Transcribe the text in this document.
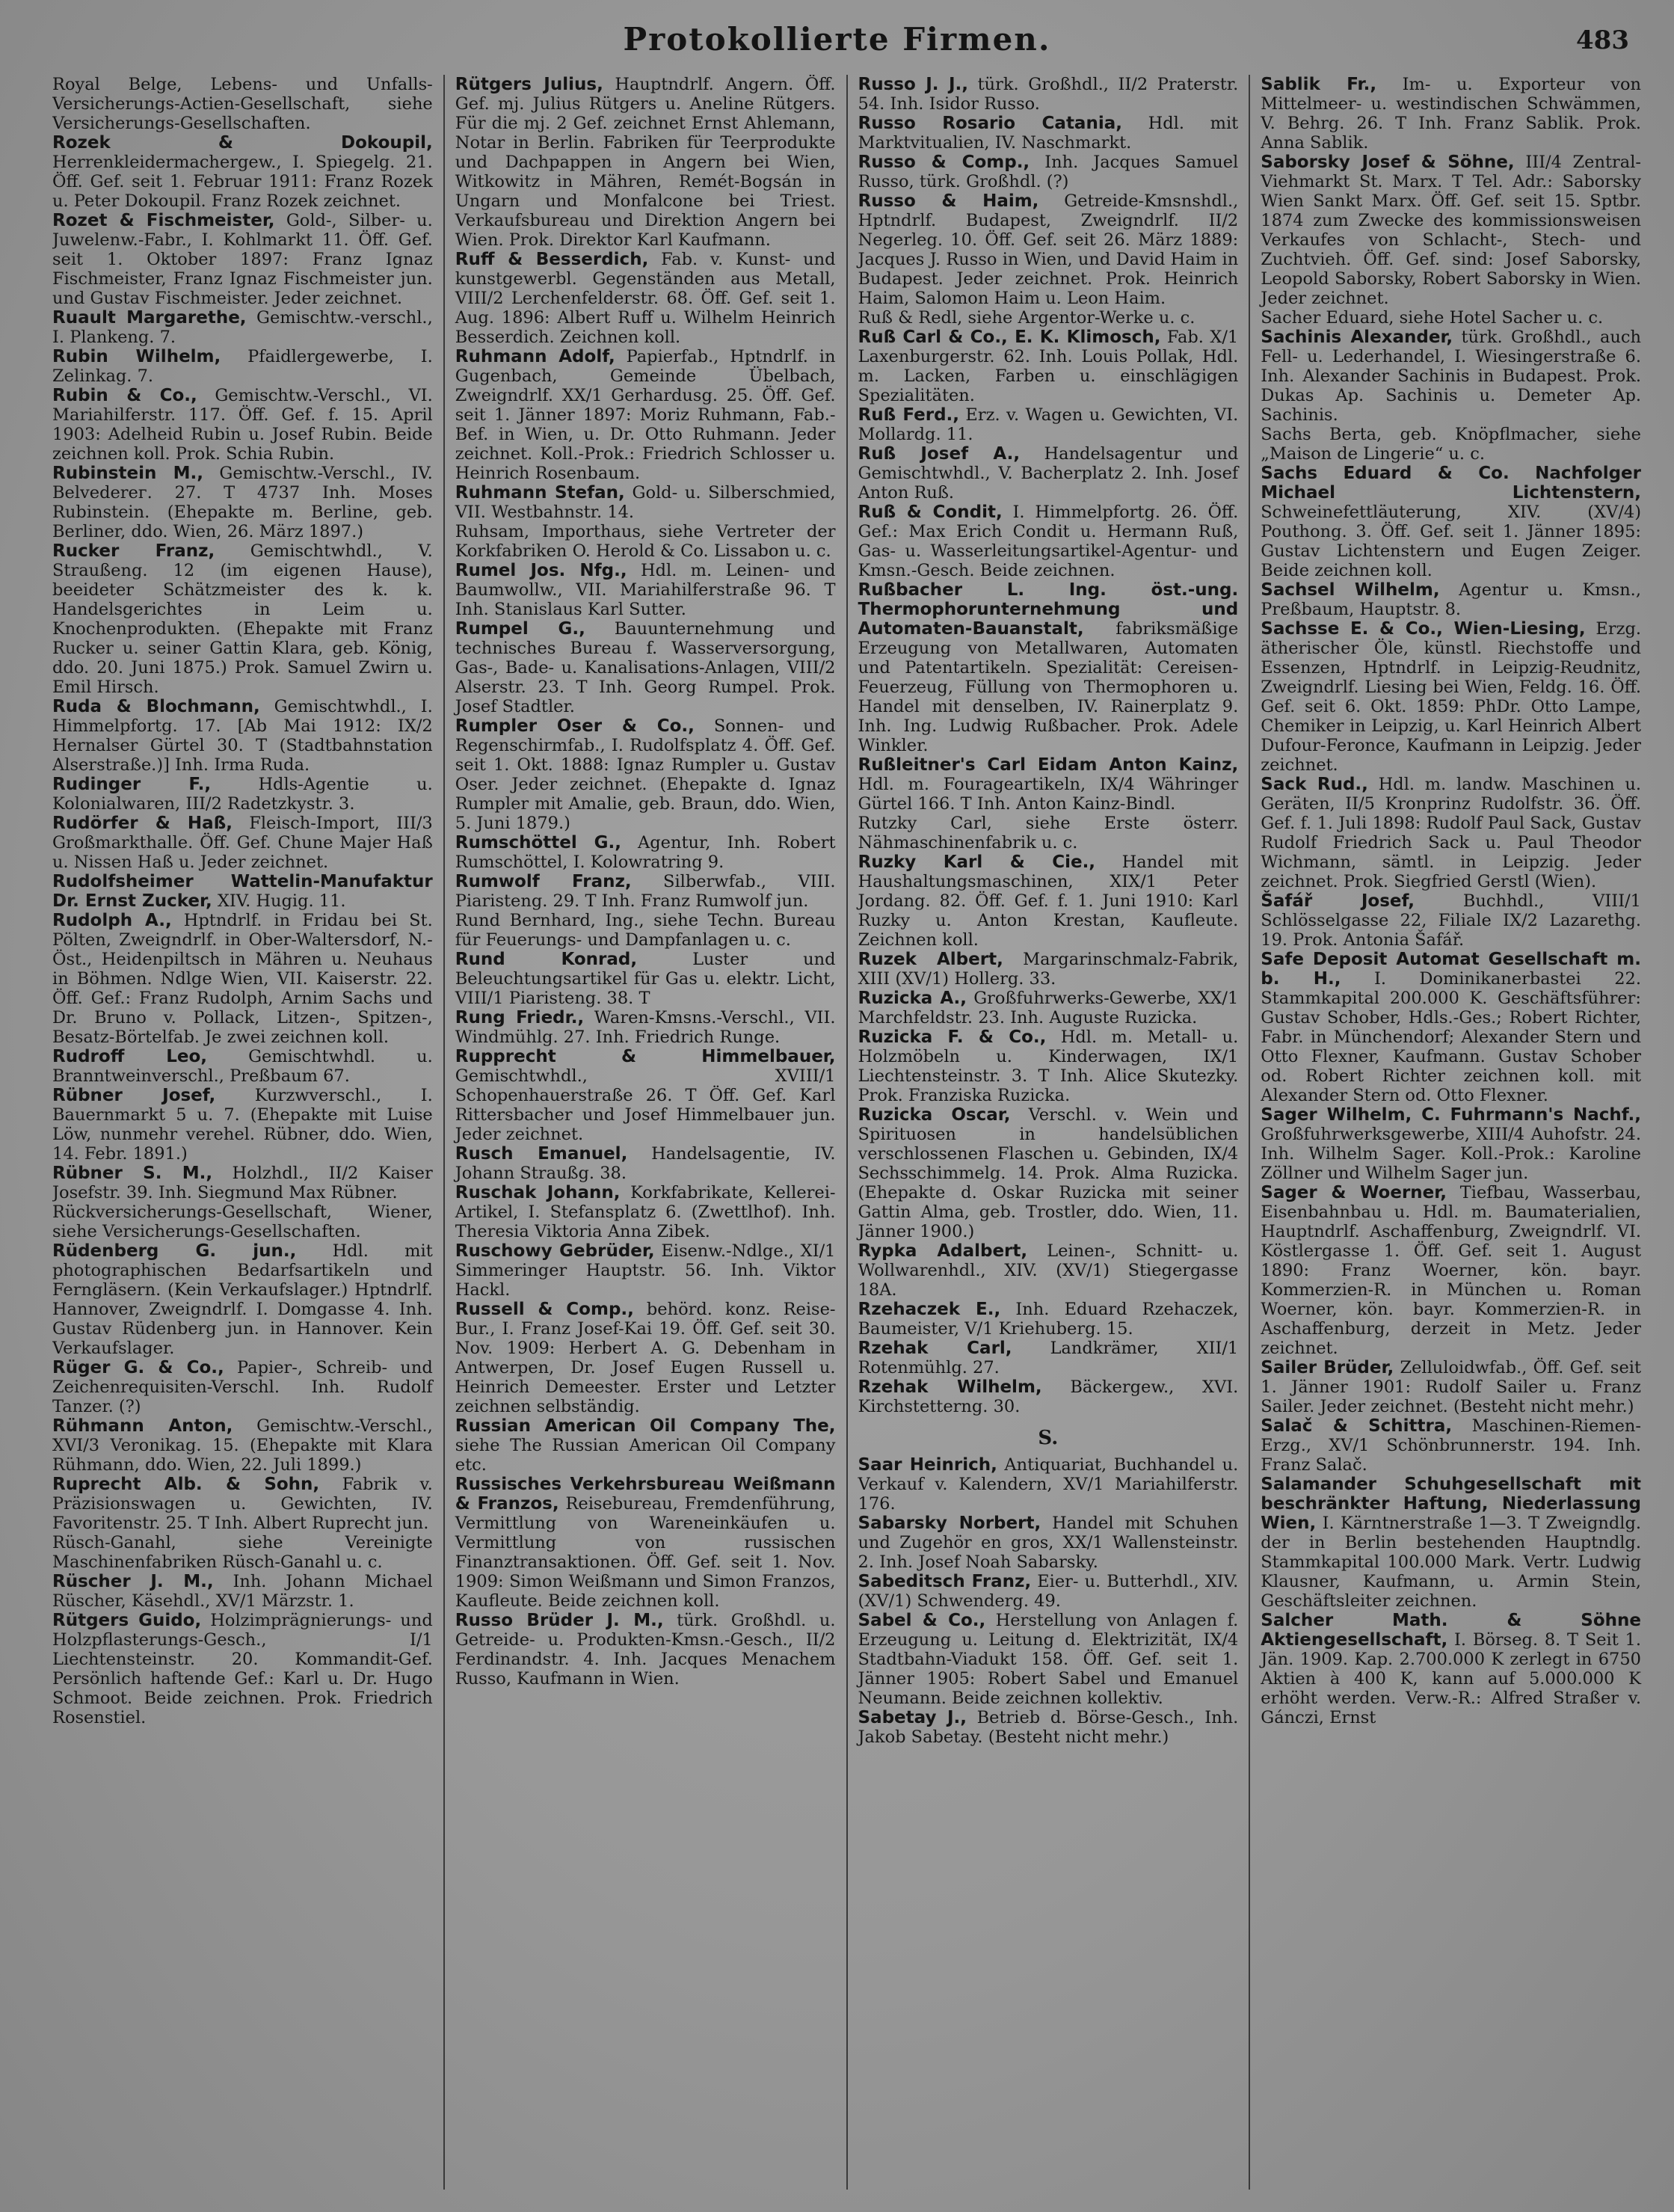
Protokollierte Firmen.	483

Royal Belge, Lebens- und Unfalls-Versicherungs-Actien-Gesellschaft, siehe Versicherungs-Gesellschaften.

Rozek & Dokoupil, Herrenkleidermachergew., I. Spiegelg. 21. Öff. Gef. seit 1. Februar 1911: Franz Rozek u. Peter Dokoupil. Franz Rozek zeichnet.

Rozet & Fischmeister, Gold-, Silber- u. Juwelenw.-Fabr., I. Kohlmarkt 11. Öff. Gef. seit 1. Oktober 1897: Franz Ignaz Fischmeister, Franz Ignaz Fischmeister jun. und Gustav Fischmeister. Jeder zeichnet.

Ruault Margarethe, Gemischtw.-verschl., I. Plankeng. 7.

Rubin Wilhelm, Pfaidlergewerbe, I. Zelinkag. 7.

Rubin & Co., Gemischtw.-Verschl., VI. Mariahilferstr. 117. Öff. Gef. f. 15. April 1903: Adelheid Rubin u. Josef Rubin. Beide zeichnen koll. Prok. Schia Rubin.

Rubinstein M., Gemischtw.-Verschl., IV. Belvederег. 27. T 4737 Inh. Moses Rubinstein. (Ehepakte m. Berline, geb. Berliner, ddo. Wien, 26. März 1897.)

Rucker Franz, Gemischtwhdl., V. Straußeng. 12 (im eigenen Hause), beeideter Schätzmeister des k. k. Handelsgerichtes in Leim u. Knochenprodukten. (Ehepakte mit Franz Rucker u. seiner Gattin Klara, geb. König, ddo. 20. Juni 1875.) Prok. Samuel Zwirn u. Emil Hirsch.

Ruda & Blochmann, Gemischtwhdl., I. Himmelpfortg. 17. [Ab Mai 1912: IX/2 Hernalser Gürtel 30. T (Stadtbahnstation Alserstraße.)] Inh. Irma Ruda.

Rudinger F.,	Hdls-Agentie u. Kolonialwaren, III/2 Radetzkystr. 3.

Rudörfer & Haß, Fleisch-Import, III/3 Großmarkthalle. Öff. Gef. Chune Majer Haß u. Nissen Haß u. Jeder zeichnet.

Rudolfsheimer Wattelin-Manufaktur Dr. Ernst Zucker, XIV. Hugig. 11.

Rudolph A., Hptndrlf. in Fridau bei St. Pölten, Zweigndrlf. in Ober-Waltersdorf, N.-Öst., Heidenpiltsch in Mähren u. Neuhaus in Böhmen. Ndlge Wien, VII. Kaiserstr. 22. Öff. Gef.: Franz Rudolph, Arnim Sachs und Dr. Bruno v. Pollack, Litzen-, Spitzen-, Besatz-Börtelfab. Je zwei zeichnen koll.

Rudroff Leo, Gemischtwhdl. u. Branntweinverschl., Preßbaum 67.

Rübner Josef, Kurzwverschl., I. Bauernmarkt 5 u. 7. (Ehepakte mit Luise Löw, nunmehr verehel. Rübner, ddo. Wien, 14. Febr. 1891.)

Rübner S. M., Holzhdl., II/2 Kaiser Josefstr. 39. Inh. Siegmund Max Rübner.

Rückversicherungs-Gesellschaft, Wiener, siehe Versicherungs-Gesellschaften.

Rüdenberg G. jun., Hdl. mit photographischen Bedarfsartikeln und Ferngläsern. (Kein Verkaufslager.) Hptndrlf. Hannover, Zweigndrlf. I. Domgasse 4. Inh. Gustav Rüdenberg jun. in Hannover. Kein Verkaufslager.

Rüger G. & Co., Papier-, Schreib- und Zeichenrequisiten-Verschl. Inh. Rudolf Tanzer. (?)

Rühmann Anton, Gemischtw.-Verschl., XVI/3 Veronikag. 15. (Ehepakte mit Klara Rühmann, ddo. Wien, 22. Juli 1899.)

Ruprecht Alb. & Sohn, Fabrik v. Präzisionswagen u. Gewichten, IV. Favoritenstr. 25. T Inh. Albert Ruprecht jun.

Rüsch-Ganahl, siehe Vereinigte Maschinenfabriken Rüsch-Ganahl u. c.

Rüscher J. M., Inh. Johann Michael Rüscher, Käsehdl., XV/1 Märzstr. 1.

Rütgers Guido, Holzimprägnierungs- und Holzpflasterungs-Gesch., I/1 Liechtensteinstr. 20. Kommandit-Gef. Persönlich haftende Gef.: Karl u. Dr. Hugo Schmoot. Beide zeichnen. Prok. Friedrich Rosenstiel.

Rütgers Julius, Hauptndrlf. Angern. Öff. Gef. mj. Julius Rütgers u. Aneline Rütgers. Für die mj. 2 Gef. zeichnet Ernst Ahlemann, Notar in Berlin. Fabriken für Teerprodukte und Dachpappen in Angern bei Wien, Witkowitz in Mähren, Remét-Bogsán in Ungarn und Monfalcone bei Triest. Verkaufsbureau und Direktion Angern bei Wien. Prok. Direktor Karl Kaufmann.

Ruff & Besserdich, Fab. v. Kunst- und kunstgewerbl. Gegenständen aus Metall, VIII/2 Lerchenfelderstr. 68. Öff. Gef. seit 1. Aug. 1896: Albert Ruff u. Wilhelm Heinrich Besserdich. Zeichnen koll.

Ruhmann Adolf, Papierfab., Hptndrlf. in Gugenbach, Gemeinde Übelbach, Zweigndrlf. XX/1 Gerhardusg. 25. Öff. Gef. seit 1. Jänner 1897: Moriz Ruhmann, Fab.-Bef. in Wien, u. Dr. Otto Ruhmann. Jeder zeichnet. Koll.-Prok.: Friedrich Schlosser u. Heinrich Rosenbaum.

Ruhmann Stefan, Gold- u. Silberschmied, VII. Westbahnstr. 14.

Ruhsam, Importhaus, siehe Vertreter der Korkfabriken O. Herold & Co. Lissabon u. c.

Rumel Jos. Nfg., Hdl. m. Leinen- und Baumwollw., VII. Mariahilferstraße 96. T Inh. Stanislaus Karl Sutter.

Rumpel G., Bauunternehmung und technisches Bureau f. Wasserversorgung, Gas-, Bade- u. Kanalisations-Anlagen, VIII/2 Alserstr. 23. T Inh. Georg Rumpel. Prok. Josef Stadtler.

Rumpler Oser & Co., Sonnen- und Regenschirmfab., I. Rudolfsplatz 4. Öff. Gef. seit 1. Okt. 1888: Ignaz Rumpler u. Gustav Oser. Jeder zeichnet. (Ehepakte d. Ignaz Rumpler mit Amalie, geb. Braun, ddo. Wien, 5. Juni 1879.)

Rumschöttel G., Agentur, Inh. Robert Rumschöttel, I. Kolowratring 9.

Rumwolf Franz, Silberwfab., VIII. Piaristeng. 29. T Inh. Franz Rumwolf jun.

Rund Bernhard, Ing., siehe Techn. Bureau für Feuerungs- und Dampfanlagen u. c.

Rund Konrad,	Luster und Beleuchtungsartikel für Gas u. elektr. Licht, VIII/1 Piaristeng. 38. T

Rung Friedr., Waren-Kmsns.-Verschl., VII. Windmühlg. 27. Inh. Friedrich Runge.

Rupprecht & Himmelbauer, Gemischtwhdl., XVIII/1 Schopenhauerstraße 26. T Öff. Gef. Karl Rittersbacher und Josef Himmelbauer jun. Jeder zeichnet.

Rusch Emanuel, Handelsagentie, IV. Johann Straußg. 38.

Ruschak Johann, Korkfabrikate, Kellerei-Artikel, I. Stefansplatz 6. (Zwettlhof). Inh. Theresia Viktoria Anna Zibek.

Ruschowy Gebrüder, Eisenw.-Ndlge., XI/1 Simmeringer Hauptstr. 56. Inh. Viktor Hackl.

Russell & Comp., behörd. konz. Reise-Bur., I. Franz Josef-Kai 19. Öff. Gef. seit 30. Nov. 1909: Herbert A. G. Debenham in Antwerpen, Dr. Josef Eugen Russell u. Heinrich Demeester. Erster und Letzter zeichnen selbständig.

Russian American Oil Company The, siehe The Russian American Oil Company etc.

Russisches Verkehrsbureau Weißmann & Franzos, Reisebureau, Fremdenführung, Vermittlung von Wareneinkäufen u. Vermittlung von russischen Finanztransaktionen. Öff. Gef. seit 1. Nov. 1909: Simon Weißmann und Simon Franzos, Kaufleute. Beide zeichnen koll.

Russo Brüder J. M., türk. Großhdl. u. Getreide- u. Produkten-Kmsn.-Gesch., II/2 Ferdinandstr. 4. Inh. Jacques Menachem Russo, Kaufmann in Wien.

Russo J. J., türk. Großhdl., II/2 Praterstr. 54. Inh. Isidor Russo.

Russo Rosario Catania, Hdl. mit Marktvitualien, IV. Naschmarkt.

Russo & Comp., Inh. Jacques Samuel Russo, türk. Großhdl. (?)

Russo & Haim, Getreide-Kmsnshdl., Hptndrlf. Budapest, Zweigndrlf. II/2 Negerleg. 10. Öff. Gef. seit 26. März 1889: Jacques J. Russo in Wien, und David Haim in Budapest. Jeder zeichnet. Prok. Heinrich Haim, Salomon Haim u. Leon Haim.

Ruß & Redl, siehe Argentor-Werke u. c.

Ruß Carl & Co., E. K. Klimosch, Fab. X/1 Laxenburgerstr. 62. Inh. Louis Pollak, Hdl. m. Lacken, Farben u. einschlägigen Spezialitäten.

Ruß Ferd., Erz. v. Wagen u. Gewichten, VI. Mollardg. 11.

Ruß Josef A., Handelsagentur und Gemischtwhdl., V. Bacherplatz 2. Inh. Josef Anton Ruß.

Ruß & Condit, I. Himmelpfortg. 26. Öff. Gef.: Max Erich Condit u. Hermann Ruß, Gas- u. Wasserleitungsartikel-Agentur- und Kmsn.-Gesch. Beide zeichnen.

Rußbacher L. Ing. öst.-ung. Thermophorunternehmung und Automaten-Bauanstalt, fabriksmäßige Erzeugung von Metallwaren, Automaten und Patentartikeln. Spezialität: Cereisen-Feuerzeug, Füllung von Thermophoren u. Handel mit denselben, IV. Rainerplatz 9. Inh. Ing. Ludwig Rußbacher. Prok. Adele Winkler.

Rußleitner's Carl Eidam Anton Kainz, Hdl. m. Fourageartikeln, IX/4 Währinger Gürtel 166. T Inh. Anton Kainz-Bindl.

Rutzky Carl, siehe Erste österr. Nähmaschinenfabrik u. c.

Ruzky Karl & Cie., Handel mit Haushaltungsmaschinen, XIX/1 Peter Jordang. 82. Öff. Gef. f. 1. Juni 1910: Karl Ruzky u. Anton Krestan, Kaufleute. Zeichnen koll.

Ruzek Albert, Margarinschmalz-Fabrik, XIII (XV/1) Hollerg. 33.

Ruzicka A., Großfuhrwerks-Gewerbe, XX/1 Marchfeldstr. 23. Inh. Auguste Ruzicka.

Ruzicka F. & Co., Hdl. m. Metall- u. Holzmöbeln u. Kinderwagen, IX/1 Liechtensteinstr. 3. T Inh. Alice Skutezky. Prok. Franziska Ruzicka.

Ruzicka Oscar, Verschl. v. Wein und Spirituosen in handelsüblichen verschlossenen Flaschen u. Gebinden, IX/4 Sechsschimmelg. 14. Prok. Alma Ruzicka. (Ehepakte d. Oskar Ruzicka mit seiner Gattin Alma, geb. Trostler, ddo. Wien, 11. Jänner 1900.)

Rypka Adalbert, Leinen-, Schnitt- u. Wollwarenhdl., XIV. (XV/1) Stiegergasse 18A.

Rzehaczek E., Inh. Eduard Rzehaczek, Baumeister, V/1 Kriehuberg. 15.

Rzehak Carl, Landkrämer, XII/1 Rotenmühlg. 27.

Rzehak Wilhelm, Bäckergew., XVI. Kirchstetterng. 30.

S.

Saar Heinrich, Antiquariat, Buchhandel u. Verkauf v. Kalendern, XV/1 Mariahilferstr. 176.

Sabarsky Norbert, Handel mit Schuhen und Zugehör en gros, XX/1 Wallensteinstr. 2. Inh. Josef Noah Sabarsky.

Sabeditsch Franz, Eier- u. Butterhdl., XIV. (XV/1) Schwenderg. 49.

Sabel & Co., Herstellung von Anlagen f. Erzeugung u. Leitung d. Elektrizität, IX/4 Stadtbahn-Viadukt 158. Öff. Gef. seit 1. Jänner 1905: Robert Sabel und Emanuel Neumann. Beide zeichnen kollektiv.

Sabetay J., Betrieb d. Börse-Gesch., Inh. Jakob Sabetay. (Besteht nicht mehr.)

Sablik Fr., Im- u. Exporteur von Mittelmeer- u. westindischen Schwämmen, V. Behrg. 26. T Inh. Franz Sablik. Prok. Anna Sablik.

Saborsky Josef & Söhne, III/4 Zentral-Viehmarkt St. Marx. T Tel. Adr.: Saborsky Wien Sankt Marx. Öff. Gef. seit 15. Sptbr. 1874 zum Zwecke des kommissionsweisen Verkaufes von Schlacht-, Stech- und Zuchtvieh. Öff. Gef. sind: Josef Saborsky, Leopold Saborsky, Robert Saborsky in Wien. Jeder zeichnet.

Sacher Eduard, siehe Hotel Sacher u. c.

Sachinis Alexander, türk. Großhdl., auch Fell- u. Lederhandel, I. Wiesingerstraße 6. Inh. Alexander Sachinis in Budapest. Prok. Dukas Ap. Sachinis u. Demeter Ap. Sachinis.

Sachs Berta, geb. Knöpflmacher, siehe „Maison de Lingerie“ u. c.

Sachs Eduard & Co. Nachfolger Michael Lichtenstern, Schweinefettläuterung, XIV. (XV/4) Pouthong. 3. Öff. Gef. seit 1. Jänner 1895: Gustav Lichtenstern und Eugen Zeiger. Beide zeichnen koll.

Sachsel Wilhelm, Agentur u. Kmsn., Preßbaum, Hauptstr. 8.

Sachsse E. & Co., Wien-Liesing, Erzg. ätherischer Öle, künstl. Riechstoffe und Essenzen, Hptndrlf. in Leipzig-Reudnitz, Zweigndrlf. Liesing bei Wien, Feldg. 16. Öff. Gef. seit 6. Okt. 1859: PhDr. Otto Lampe, Chemiker in Leipzig, u. Karl Heinrich Albert Dufour-Feronce, Kaufmann in Leipzig. Jeder zeichnet.

Sack Rud., Hdl. m. landw. Maschinen u. Geräten, II/5 Kronprinz Rudolfstr. 36. Öff. Gef. f. 1. Juli 1898: Rudolf Paul Sack, Gustav Rudolf Friedrich Sack u. Paul Theodor Wichmann, sämtl. in Leipzig. Jeder zeichnet. Prok. Siegfried Gerstl (Wien).

Šafář Josef,	Buchhdl., VIII/1 Schlösselgasse 22, Filiale IX/2 Lazarethg. 19. Prok. Antonia Šafář.

Safe Deposit Automat Gesellschaft m. b. H., I. Dominikanerbastei 22. Stammkapital 200.000 K. Geschäftsführer: Gustav Schober, Hdls.-Ges.; Robert Richter, Fabr. in Münchendorf; Alexander Stern und Otto Flexner, Kaufmann. Gustav Schober od. Robert Richter zeichnen koll. mit Alexander Stern od. Otto Flexner.

Sager Wilhelm, C. Fuhrmann's Nachf., Großfuhrwerksgewerbe, XIII/4 Auhofstr. 24. Inh. Wilhelm Sager. Koll.-Prok.: Karoline Zöllner und Wilhelm Sager jun.

Sager & Woerner, Tiefbau, Wasserbau, Eisenbahnbau u. Hdl. m. Baumaterialien, Hauptndrlf. Aschaffenburg, Zweigndrlf. VI. Köstlergasse 1. Öff. Gef. seit 1. August 1890: Franz Woerner, kön. bayr. Kommerzien-R. in München u. Roman Woerner, kön. bayr. Kommerzien-R. in Aschaffenburg, derzeit in Metz. Jeder zeichnet.

Sailer Brüder, Zelluloidwfab., Öff. Gef. seit 1. Jänner 1901: Rudolf Sailer u. Franz Sailer. Jeder zeichnet. (Besteht nicht mehr.)

Salač & Schittra, Maschinen-Riemen-Erzg., XV/1 Schönbrunnerstr. 194. Inh. Franz Salač.

Salamander Schuhgesellschaft mit beschränkter Haftung, Niederlassung Wien, I. Kärntnerstraße 1—3. T Zweigndlg. der in Berlin bestehenden Hauptndlg. Stammkapital 100.000 Mark. Vertr. Ludwig Klausner, Kaufmann, u. Armin Stein, Geschäftsleiter zeichnen.

Salcher Math. & Söhne Aktiengesellschaft, I. Börseg. 8. T Seit 1. Jän. 1909. Kap. 2.700.000 K zerlegt in 6750 Aktien à 400 K, kann auf 5.000.000 K erhöht werden. Verw.-R.: Alfred Straßer v. Gánczi, Ernst
